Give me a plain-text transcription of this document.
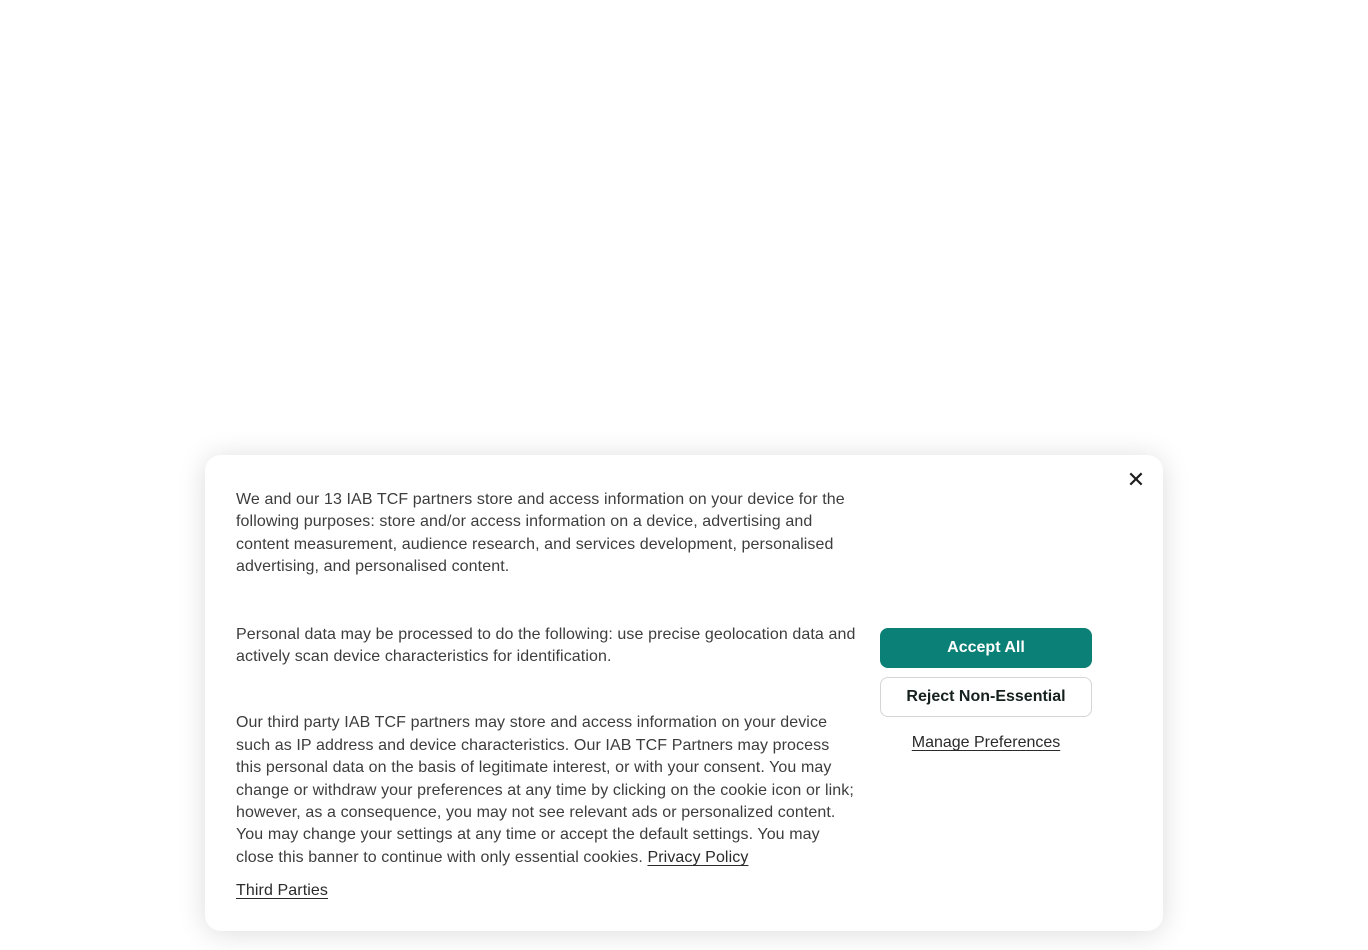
✕

We and our 13 IAB TCF partners store and access information on your device for the following purposes: store and/or access information on a device, advertising and content measurement, audience research, and services development, personalised advertising, and personalised content.

Personal data may be processed to do the following: use precise geolocation data and actively scan device characteristics for identification.

Our third party IAB TCF partners may store and access information on your device such as IP address and device characteristics. Our IAB TCF Partners may process this personal data on the basis of legitimate interest, or with your consent. You may change or withdraw your preferences at any time by clicking on the cookie icon or link; however, as a consequence, you may not see relevant ads or personalized content. You may change your settings at any time or accept the default settings. You may close this banner to continue with only essential cookies. Privacy Policy

Third Parties

Accept All
Reject Non-Essential
Manage Preferences
